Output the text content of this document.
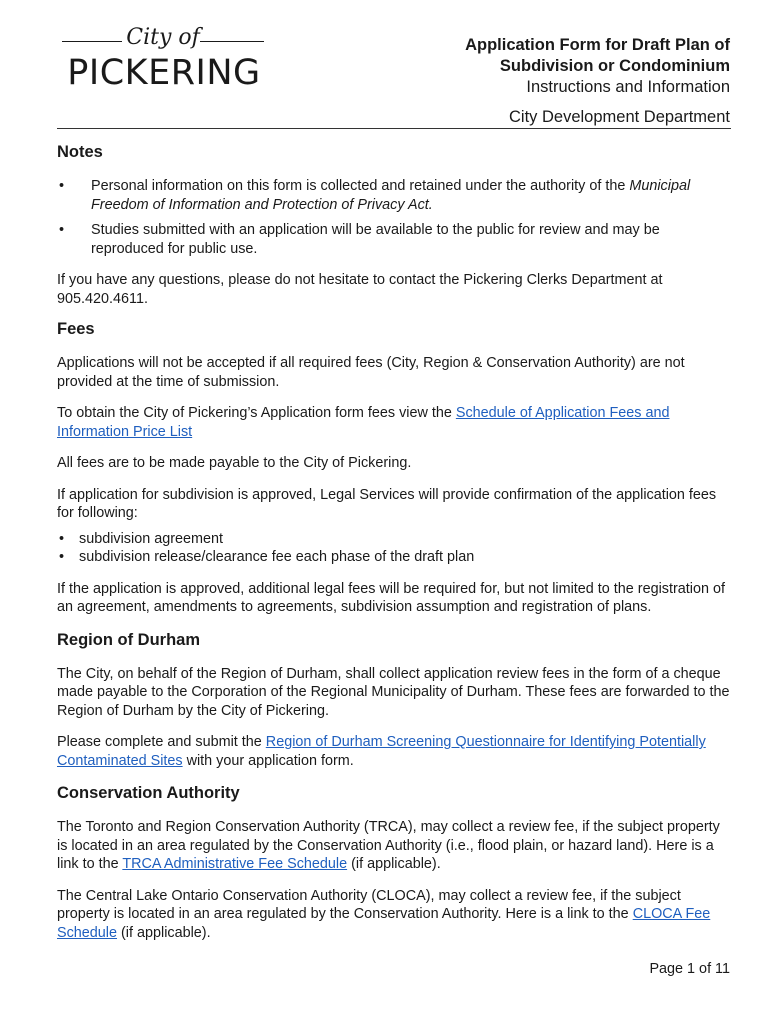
City of
PICKERING
Application Form for Draft Plan of
Subdivision or Condominium
Instructions and Information
City Development Department
Notes
• Personal information on this form is collected and retained under the authority of the Municipal Freedom of Information and Protection of Privacy Act.
• Studies submitted with an application will be available to the public for review and may be reproduced for public use.

If you have any questions, please do not hesitate to contact the Pickering Clerks Department at 905.420.4611.

Fees

Applications will not be accepted if all required fees (City, Region & Conservation Authority) are not provided at the time of submission.

To obtain the City of Pickering’s Application form fees view the Schedule of Application Fees and Information Price List

All fees are to be made payable to the City of Pickering.

If application for subdivision is approved, Legal Services will provide confirmation of the application fees for following:

• subdivision agreement
• subdivision release/clearance fee each phase of the draft plan

If the application is approved, additional legal fees will be required for, but not limited to the registration of an agreement, amendments to agreements, subdivision assumption and registration of plans.

Region of Durham

The City, on behalf of the Region of Durham, shall collect application review fees in the form of a cheque made payable to the Corporation of the Regional Municipality of Durham. These fees are forwarded to the Region of Durham by the City of Pickering.

Please complete and submit the Region of Durham Screening Questionnaire for Identifying Potentially Contaminated Sites with your application form.

Conservation Authority

The Toronto and Region Conservation Authority (TRCA), may collect a review fee, if the subject property is located in an area regulated by the Conservation Authority (i.e., flood plain, or hazard land). Here is a link to the TRCA Administrative Fee Schedule (if applicable).

The Central Lake Ontario Conservation Authority (CLOCA), may collect a review fee, if the subject property is located in an area regulated by the Conservation Authority. Here is a link to the CLOCA Fee Schedule (if applicable).

Page 1 of 11
